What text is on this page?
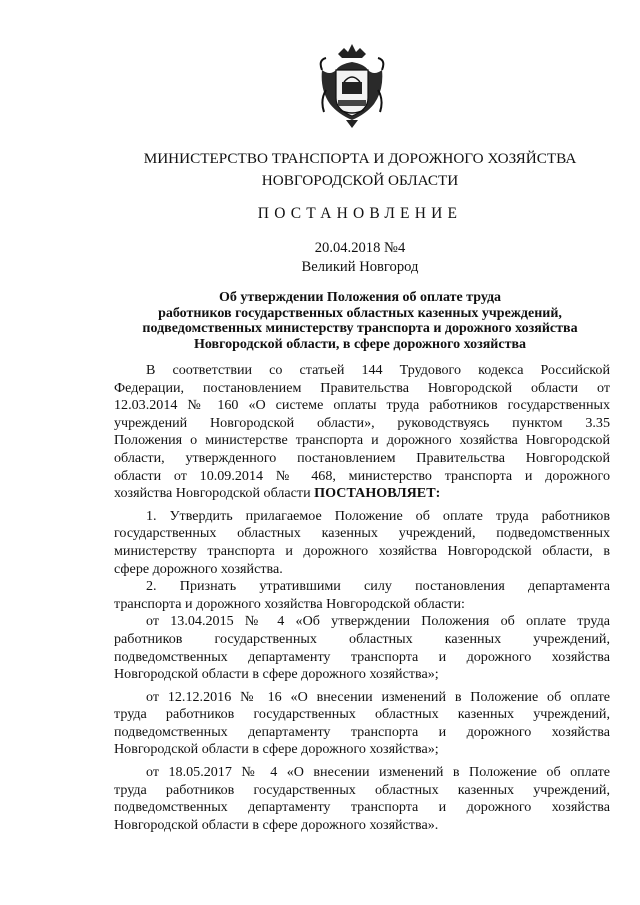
МИНИСТЕРСТВО ТРАНСПОРТА И ДОРОЖНОГО ХОЗЯЙСТВА
НОВГОРОДСКОЙ ОБЛАСТИ
ПОСТАНОВЛЕНИЕ
20.04.2018 №4
Великий Новгород
Об утверждении Положения об оплате труда
работников государственных областных казенных учреждений,
подведомственных министерству транспорта и дорожного хозяйства
Новгородской области, в сфере дорожного хозяйства

В соответствии со статьей 144 Трудового кодекса Российской

Федерации, постановлением Правительства Новгородской области от

12.03.2014 № 160 «О системе оплаты труда работников государственных

учреждений Новгородской области», руководствуясь пунктом 3.35

Положения о министерстве транспорта и дорожного хозяйства Новгородской

области, утвержденного постановлением Правительства Новгородской

области от 10.09.2014 № 468, министерство транспорта и дорожного

хозяйства Новгородской области ПОСТАНОВЛЯЕТ:

1. Утвердить прилагаемое Положение об оплате труда работников

государственных областных казенных учреждений, подведомственных

министерству транспорта и дорожного хозяйства Новгородской области, в

сфере дорожного хозяйства.

2. Признать утратившими силу постановления департамента

транспорта и дорожного хозяйства Новгородской области:

от 13.04.2015 № 4 «Об утверждении Положения об оплате труда

работников государственных областных казенных учреждений,

подведомственных департаменту транспорта и дорожного хозяйства

Новгородской области в сфере дорожного хозяйства»;

от 12.12.2016 № 16 «О внесении изменений в Положение об оплате

труда работников государственных областных казенных учреждений,

подведомственных департаменту транспорта и дорожного хозяйства

Новгородской области в сфере дорожного хозяйства»;

от 18.05.2017 № 4 «О внесении изменений в Положение об оплате

труда работников государственных областных казенных учреждений,

подведомственных департаменту транспорта и дорожного хозяйства

Новгородской области в сфере дорожного хозяйства».
